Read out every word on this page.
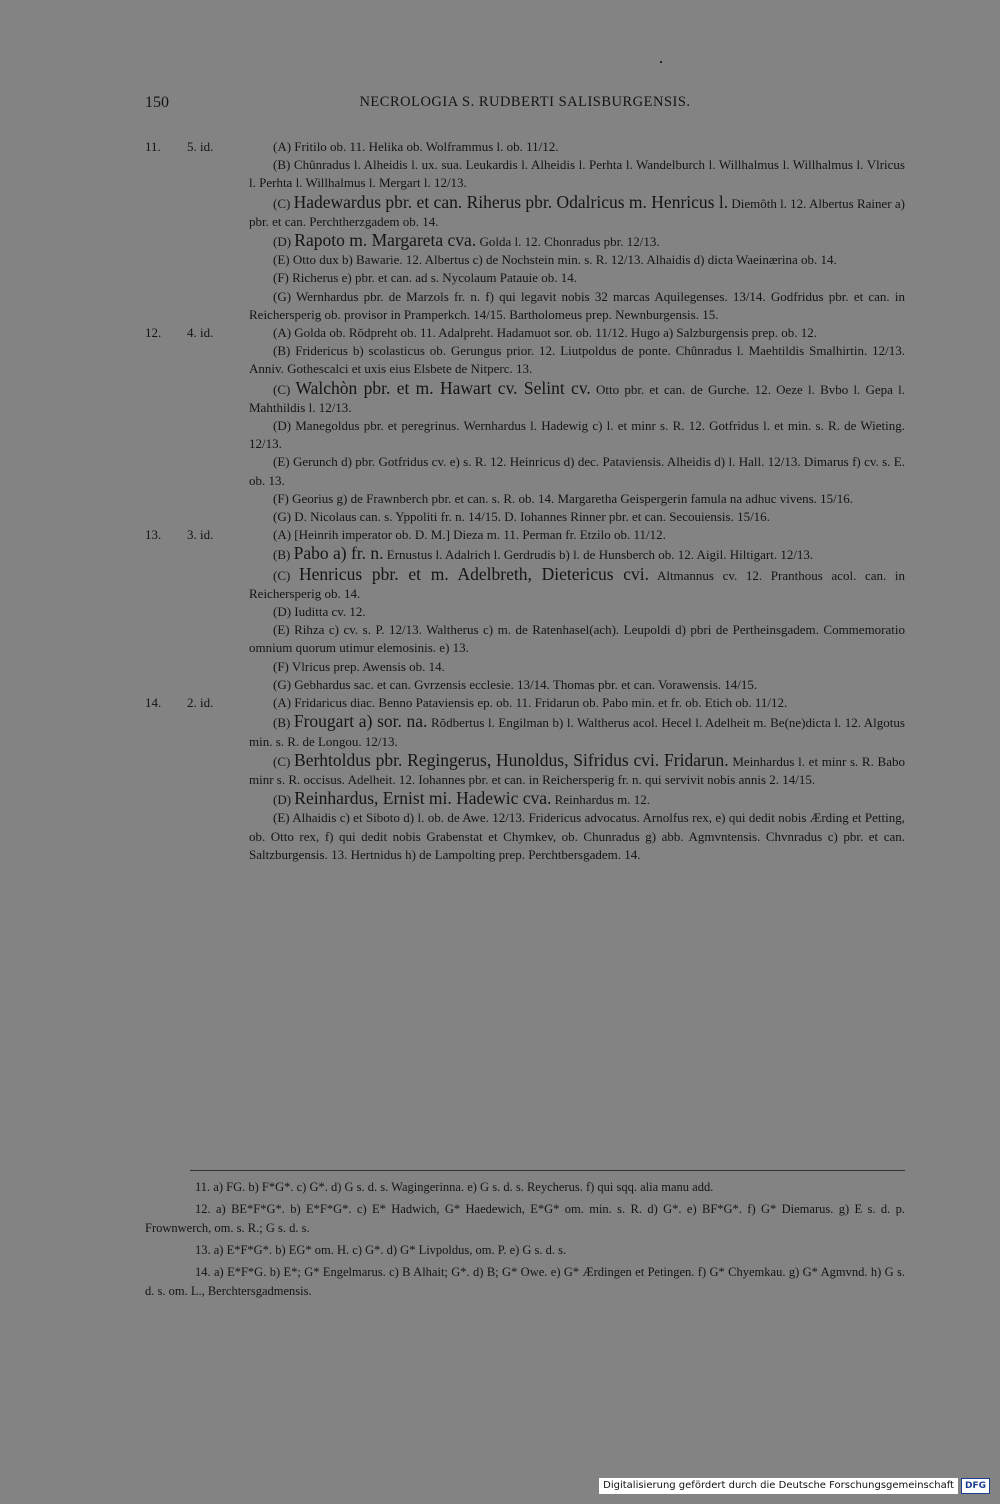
150	NECROLOGIA S. RUDBERTI SALISBURGENSIS.
11. 5. id.	(A) Fritilo ob. 11. Helika ob. Wolframmus l. ob. 11/12.

(B) Chûnradus l. Alheidis l. ux. sua. Leukardis l. Alheidis l. Perhta l. Wandelburch l. Willhalmus l. Willhalmus l. Vlricus l. Perhta l. Willhalmus l. Mergart l. 12/13.

(C) Hadewardus pbr. et can. Riherus pbr. Odalricus m. Henricus l. Diemôth l. 12. Albertus Rainer a) pbr. et can. Perchtherzgadem ob. 14.

(D) Rapoto m. Margareta cva. Golda l. 12. Chonradus pbr. 12/13.

(E) Otto dux b) Bawarie. 12. Albertus c) de Nochstein min. s. R. 12/13. Alhaidis d) dicta Waeinærina ob. 14.

(F) Richerus e) pbr. et can. ad s. Nycolaum Patauie ob. 14.

(G) Wernhardus pbr. de Marzols fr. n. f) qui legavit nobis 32 marcas Aquilegenses. 13/14. Godfridus pbr. et can. in Reichersperig ob. provisor in Pramperkch. 14/15. Bartholomeus prep. Newnburgensis. 15.

12. 4. id.	(A) Golda ob. Rŏdpreht ob. 11. Adalpreht. Hadamuot sor. ob. 11/12. Hugo a) Salzburgensis prep. ob. 12.

(B) Fridericus b) scolasticus ob. Gerungus prior. 12. Liutpoldus de ponte. Chûnradus l. Maehtildis Smalhirtin. 12/13. Anniv. Gothescalci et uxis eius Elsbete de Nitperc. 13.

(C) Walchòn pbr. et m. Hawart cv. Selint cv. Otto pbr. et can. de Gurche. 12. Oeze l. Bvbo l. Gepa l. Mahthildis l. 12/13.

(D) Manegoldus pbr. et peregrinus. Wernhardus l. Hadewig c) l. et minr s. R. 12. Gotfridus l. et min. s. R. de Wieting. 12/13.

(E) Gerunch d) pbr. Gotfridus cv. e) s. R. 12. Heinricus d) dec. Pataviensis. Alheidis d) l. Hall. 12/13. Dimarus f) cv. s. E. ob. 13.

(F) Georius g) de Frawnberch pbr. et can. s. R. ob. 14. Margaretha Geispergerin famula na adhuc vivens. 15/16.

(G) D. Nicolaus can. s. Yppoliti fr. n. 14/15. D. Iohannes Rinner pbr. et can. Secouiensis. 15/16.

13. 3. id.	(A) [Heinrih imperator ob. D. M.] Dieza m. 11. Perman fr. Etzilo ob. 11/12.

(B) Pabo a) fr. n. Ernustus l. Adalrich l. Gerdrudis b) l. de Hunsberch ob. 12. Aigil. Hiltigart. 12/13.

(C) Henricus pbr. et m. Adelbreth, Dietericus cvi. Altmannus cv. 12. Pranthous acol. can. in Reichersperig ob. 14.

(D) Iuditta cv. 12.

(E) Rihza c) cv. s. P. 12/13. Waltherus c) m. de Ratenhasel(ach). Leupoldi d) pbri de Pertheinsgadem. Commemoratio omnium quorum utimur elemosinis. e) 13.

(F) Vlricus prep. Awensis ob. 14.

(G) Gebhardus sac. et can. Gvrzensis ecclesie. 13/14. Thomas pbr. et can. Vorawensis. 14/15.

14. 2. id.	(A) Fridaricus diac. Benno Pataviensis ep. ob. 11. Fridarun ob. Pabo min. et fr. ob. Etich ob. 11/12.

(B) Frougart a) sor. na. Rŏdbertus l. Engilman b) l. Waltherus acol. Hecel l. Adelheit m. Be(ne)dicta l. 12. Algotus min. s. R. de Longou. 12/13.

(C) Berhtoldus pbr. Regingerus, Hunoldus, Sifridus cvi. Fridarun. Meinhardus l. et minr s. R. Babo minr s. R. occisus. Adelheit. 12. Iohannes pbr. et can. in Reichersperig fr. n. qui servivit nobis annis 2. 14/15.

(D) Reinhardus, Ernist mi. Hadewic cva. Reinhardus m. 12.

(E) Alhaidis c) et Siboto d) l. ob. de Awe. 12/13. Fridericus advocatus. Arnolfus rex, e) qui dedit nobis Ærding et Petting, ob. Otto rex, f) qui dedit nobis Grabenstat et Chymkev, ob. Chunradus g) abb. Agmvntensis. Chvnradus c) pbr. et can. Saltzburgensis. 13. Hertnidus h) de Lampolting prep. Perchtbersgadem. 14.

11. a) FG. b) F*G*. c) G*. d) G s. d. s. Wagingerinna. e) G s. d. s. Reycherus. f) qui sqq. alia manu add.

12. a) BE*F*G*. b) E*F*G*. c) E* Hadwich, G* Haedewich, E*G* om. min. s. R. d) G*. e) BF*G*. f) G* Diemarus. g) E s. d. p. Frownwerch, om. s. R.; G s. d. s.

13. a) E*F*G*. b) EG* om. H. c) G*. d) G* Livpoldus, om. P. e) G s. d. s.

14. a) E*F*G. b) E*; G* Engelmarus. c) B Alhait; G*. d) B; G* Owe. e) G* Ærdingen et Petingen. f) G* Chyemkau. g) G* Agmvnd. h) G s. d. s. om. L., Berchtersgadmensis.

Digitalisierung gefördert durch die Deutsche Forschungsgemeinschaft	DFG
